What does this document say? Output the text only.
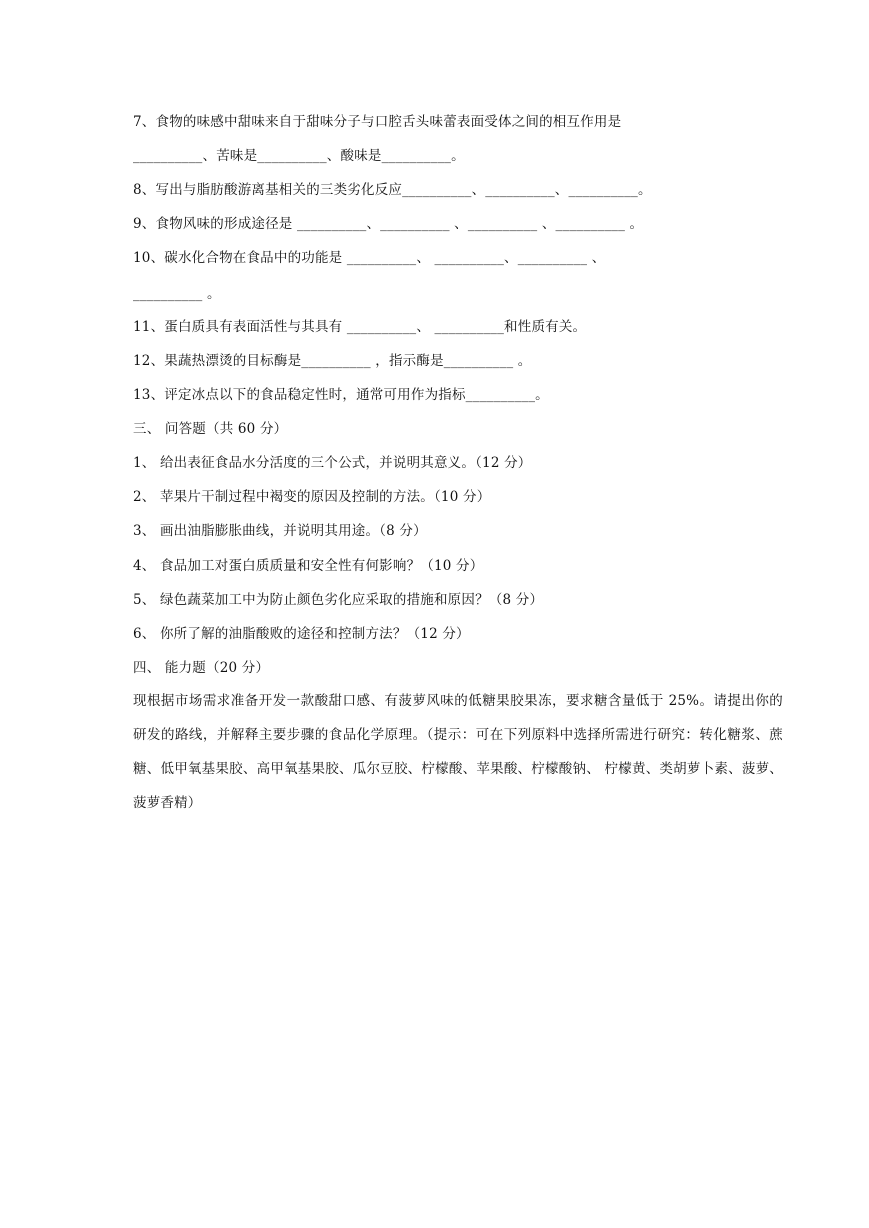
7、食物的味感中甜味来自于甜味分子与口腔舌头味蕾表面受体之间的相互作用是
__________、苦味是__________、酸味是__________。
8、写出与脂肪酸游离基相关的三类劣化反应__________、__________、__________。
9、食物风味的形成途径是 __________、__________ 、__________ 、__________ 。
10、碳水化合物在食品中的功能是 __________、 __________、__________ 、
__________ 。
11、蛋白质具有表面活性与其具有 __________、 __________和性质有关。
12、果蔬热漂烫的目标酶是__________ ，指示酶是__________ 。
13、评定冰点以下的食品稳定性时，通常可用作为指标__________。
三、 问答题（共 60 分）
1、 给出表征食品水分活度的三个公式，并说明其意义。（12 分）
2、 苹果片干制过程中褐变的原因及控制的方法。（10 分）
3、 画出油脂膨胀曲线，并说明其用途。（8 分）
4、 食品加工对蛋白质质量和安全性有何影响？（10 分）
5、 绿色蔬菜加工中为防止颜色劣化应采取的措施和原因？（8 分）
6、 你所了解的油脂酸败的途径和控制方法？（12 分）
四、 能力题（20 分）
现根据市场需求准备开发一款酸甜口感、有菠萝风味的低糖果胶果冻，要求糖含量低于 25%。请提出你的研发的路线，并解释主要步骤的食品化学原理。（提示：可在下列原料中选择所需进行研究：转化糖浆、蔗糖、低甲氧基果胶、高甲氧基果胶、瓜尔豆胶、柠檬酸、苹果酸、柠檬酸钠、 柠檬黄、类胡萝卜素、菠萝、菠萝香精）
